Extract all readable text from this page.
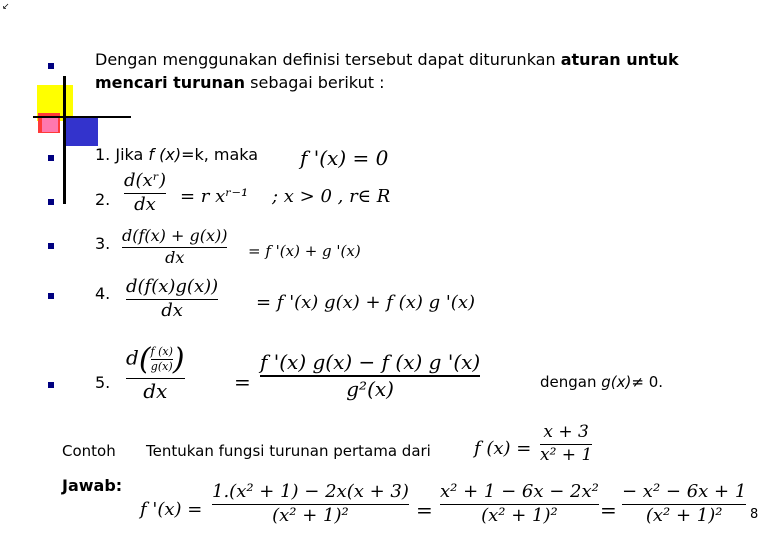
↙
Dengan menggunakan definisi tersebut dapat diturunkan aturan untuk
mencari turunan sebagai berikut :
1. Jika f (x)=k, maka f '(x) = 0
2.
d(xʳ)
dx = r xʳ⁻¹ ; x > 0 , r∈ R
3. d(f(x) + g(x))
dx	= f '(x) + g '(x)
4. d(f(x)g(x))
dx	= f '(x) g(x) + f (x) g '(x)
5.
$d( \frac{f (x)}{g(x)}$ )
dx	=
f '(x) g(x) − f (x) g '(x)
g²(x)	dengan g(x)≠ 0.
Contoh Tentukan fungsi turunan pertama dari f (x) =
x + 3
x² + 1
Jawab:
f '(x) =
1.(x² + 1) − 2x(x + 3)
(x² + 1)²	=
x² + 1 − 6x − 2x²
(x² + 1)² =
− x² − 6x + 1
(x² + 1)² 8
